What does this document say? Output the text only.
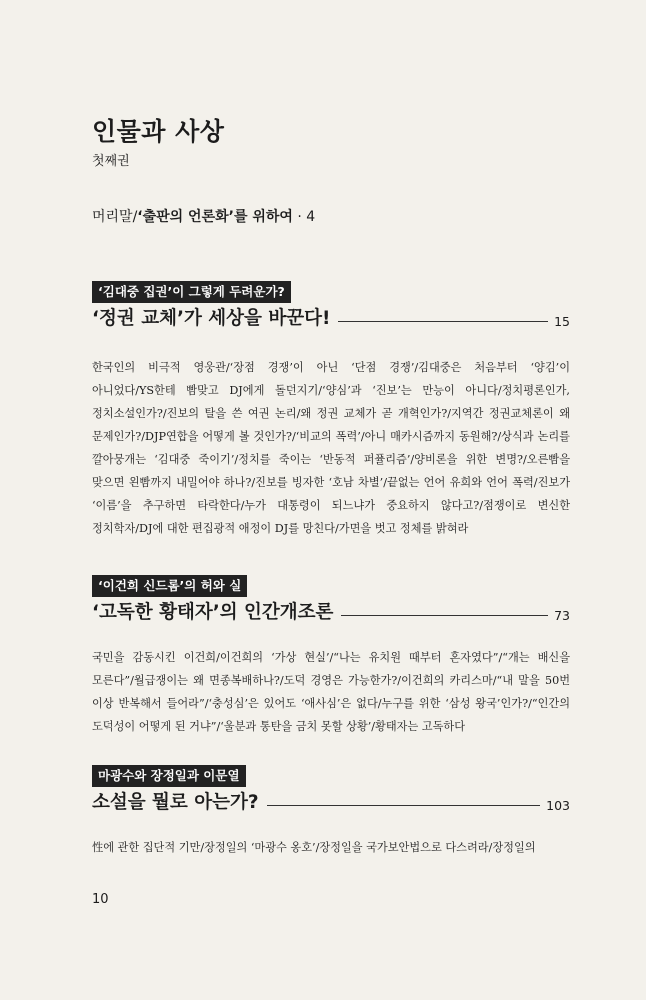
인물과 사상
첫째권
머리말/‘출판의 언론화’를 위하여 · 4
‘김대중 집권’이 그렇게 두려운가?
‘정권 교체’가 세상을 바꾼다!	15
한국인의 비극적 영웅관/‘장점 경쟁’이 아닌 ‘단점 경쟁’/김대중은 처음부터 ‘양김’이 아니었다/YS한테 빰맞고 DJ에게 돌던지기/‘양심’과 ‘진보’는 만능이 아니다/정치평론인가, 정치소설인가?/진보의 탈을 쓴 여권 논리/왜 정권 교체가 곧 개혁인가?/지역간 정권교체론이 왜 문제인가?/DJP연합을 어떻게 볼 것인가?/‘비교의 폭력’/아니 매카시즘까지 동원해?/상식과 논리를 깔아뭉개는 ‘김대중 죽이기’/정치를 죽이는 ‘반동적 퍼퓰리즘’/양비론을 위한 변명?/오른빰을 맞으면 왼빰까지 내밀어야 하나?/진보를 빙자한 ‘호남 차별’/끝없는 언어 유희와 언어 폭력/진보가 ‘이름’을 추구하면 타락한다/누가 대통령이 되느냐가 중요하지 않다고?/점쟁이로 변신한 정치학자/DJ에 대한 편집광적 애정이 DJ를 망친다/가면을 벗고 정체를 밝혀라
‘이건희 신드롬’의 허와 실
‘고독한 황태자’의 인간개조론	73
국민을 감동시킨 이건희/이건희의 ‘가상 현실’/“나는 유치원 때부터 혼자였다”/“개는 배신을 모른다”/월급쟁이는 왜 면종복배하나?/도덕 경영은 가능한가?/이건희의 카리스마/“내 말을 50번 이상 반복해서 들어라”/‘충성심’은 있어도 ‘애사심’은 없다/누구를 위한 ‘삼성 왕국’인가?/“인간의 도덕성이 어떻게 된 거냐”/‘울분과 통탄을 금치 못할 상황’/황태자는 고독하다
마광수와 장정일과 이문열
소설을 뭘로 아는가?	103
性에 관한 집단적 기만/장정일의 ‘마광수 옹호’/장정일을 국가보안법으로 다스려라/장정일의
10
